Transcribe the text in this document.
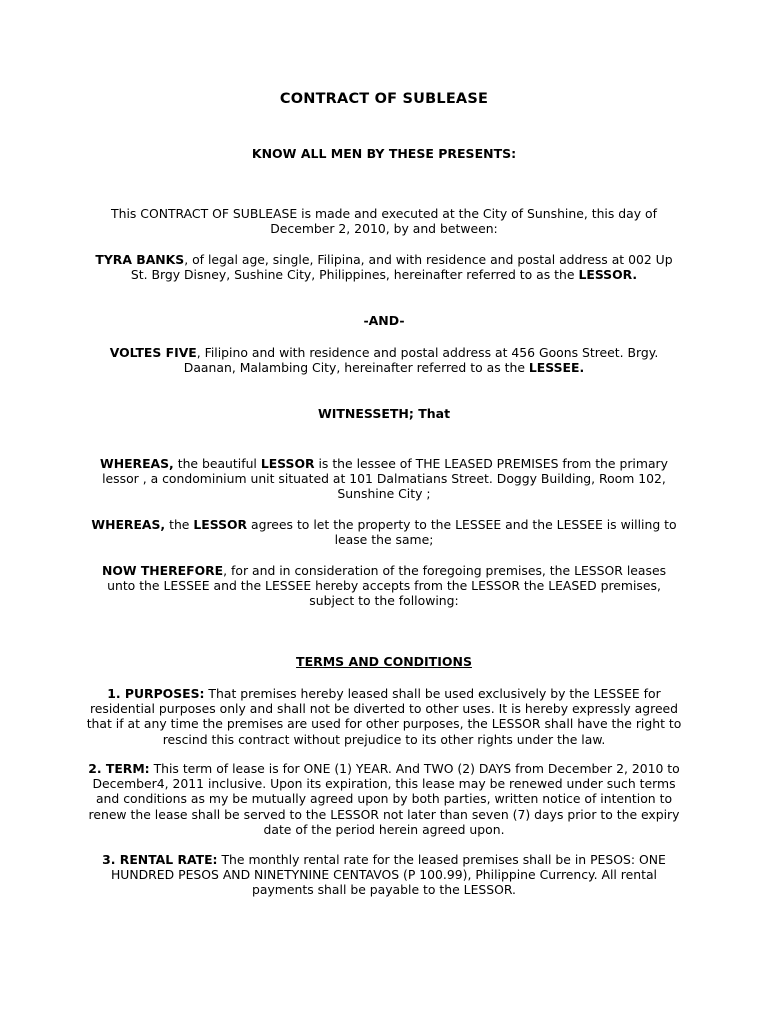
CONTRACT OF SUBLEASE
KNOW ALL MEN BY THESE PRESENTS:
This CONTRACT OF SUBLEASE is made and executed at the City of Sunshine, this day of December 2, 2010, by and between:
TYRA BANKS, of legal age, single, Filipina, and with residence and postal address at 002 Up St. Brgy Disney, Sushine City, Philippines, hereinafter referred to as the LESSOR.
-AND-
VOLTES FIVE, Filipino and with residence and postal address at 456 Goons Street. Brgy. Daanan, Malambing City, hereinafter referred to as the LESSEE.
WITNESSETH; That
WHEREAS, the beautiful LESSOR is the lessee of THE LEASED PREMISES from the primary lessor , a condominium unit situated at 101 Dalmatians Street. Doggy Building, Room 102, Sunshine City ;
WHEREAS, the LESSOR agrees to let the property to the LESSEE and the LESSEE is willing to lease the same;
NOW THEREFORE, for and in consideration of the foregoing premises, the LESSOR leases unto the LESSEE and the LESSEE hereby accepts from the LESSOR the LEASED premises, subject to the following:
TERMS AND CONDITIONS
1. PURPOSES: That premises hereby leased shall be used exclusively by the LESSEE for residential purposes only and shall not be diverted to other uses. It is hereby expressly agreed that if at any time the premises are used for other purposes, the LESSOR shall have the right to rescind this contract without prejudice to its other rights under the law.
2. TERM: This term of lease is for ONE (1) YEAR. And TWO (2) DAYS from December 2, 2010 to December4, 2011 inclusive. Upon its expiration, this lease may be renewed under such terms and conditions as my be mutually agreed upon by both parties, written notice of intention to renew the lease shall be served to the LESSOR not later than seven (7) days prior to the expiry date of the period herein agreed upon.
3. RENTAL RATE: The monthly rental rate for the leased premises shall be in PESOS: ONE HUNDRED PESOS AND NINETYNINE CENTAVOS (P 100.99), Philippine Currency. All rental payments shall be payable to the LESSOR.
